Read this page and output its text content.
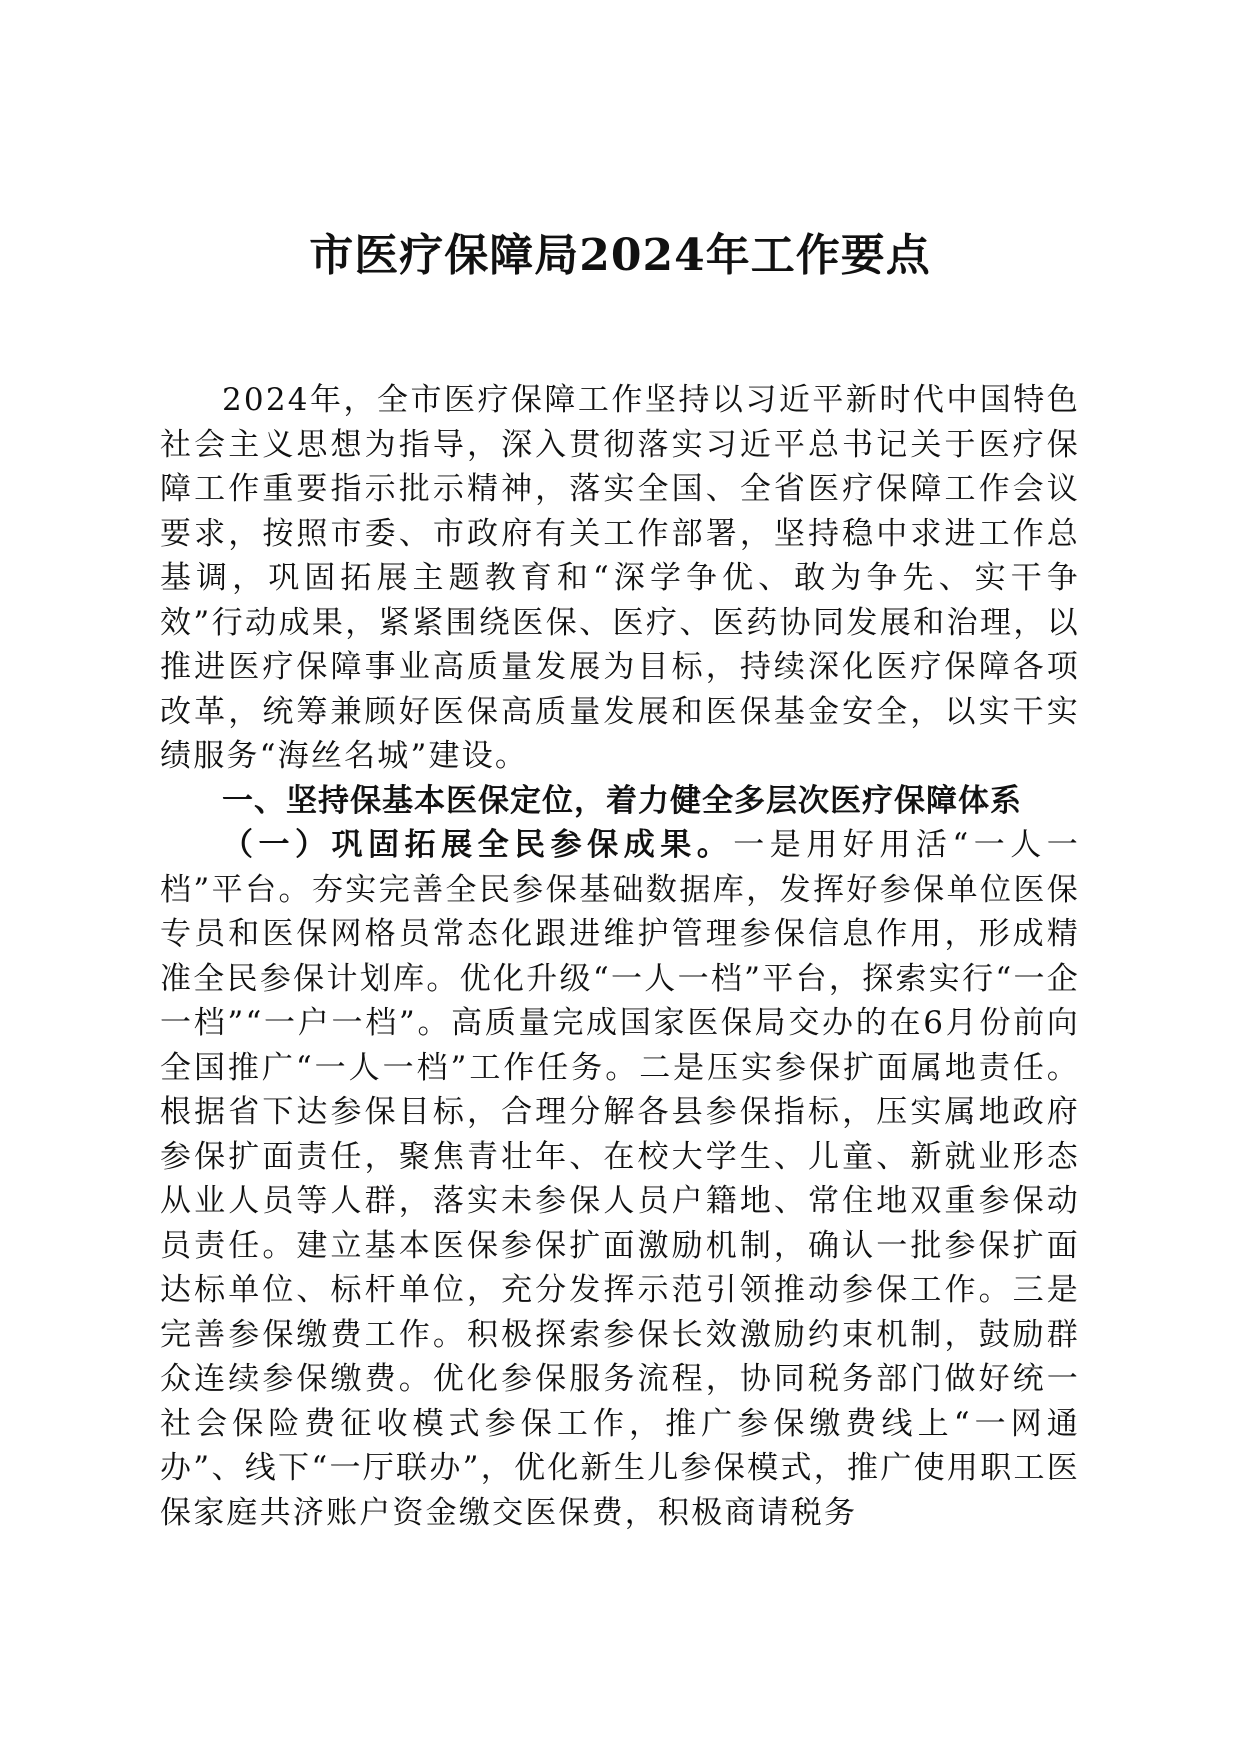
市医疗保障局2024年工作要点

2024年，全市医疗保障工作坚持以习近平新时代中国特色社会主义思想为指导，深入贯彻落实习近平总书记关于医疗保障工作重要指示批示精神，落实全国、全省医疗保障工作会议要求，按照市委、市政府有关工作部署，坚持稳中求进工作总基调，巩固拓展主题教育和“深学争优、敢为争先、实干争效”行动成果，紧紧围绕医保、医疗、医药协同发展和治理，以推进医疗保障事业高质量发展为目标，持续深化医疗保障各项改革，统筹兼顾好医保高质量发展和医保基金安全，以实干实绩服务“海丝名城”建设。

一、坚持保基本医保定位，着力健全多层次医疗保障体系

（一）巩固拓展全民参保成果。一是用好用活“一人一档”平台。夯实完善全民参保基础数据库，发挥好参保单位医保专员和医保网格员常态化跟进维护管理参保信息作用，形成精准全民参保计划库。优化升级“一人一档”平台，探索实行“一企一档”“一户一档”。高质量完成国家医保局交办的在6月份前向全国推广“一人一档”工作任务。二是压实参保扩面属地责任。根据省下达参保目标，合理分解各县参保指标，压实属地政府参保扩面责任，聚焦青壮年、在校大学生、儿童、新就业形态从业人员等人群，落实未参保人员户籍地、常住地双重参保动员责任。建立基本医保参保扩面激励机制，确认一批参保扩面达标单位、标杆单位，充分发挥示范引领推动参保工作。三是完善参保缴费工作。积极探索参保长效激励约束机制，鼓励群众连续参保缴费。优化参保服务流程，协同税务部门做好统一社会保险费征收模式参保工作，推广参保缴费线上“一网通办”、线下“一厅联办”，优化新生儿参保模式，推广使用职工医保家庭共济账户资金缴交医保费，积极商请税务
